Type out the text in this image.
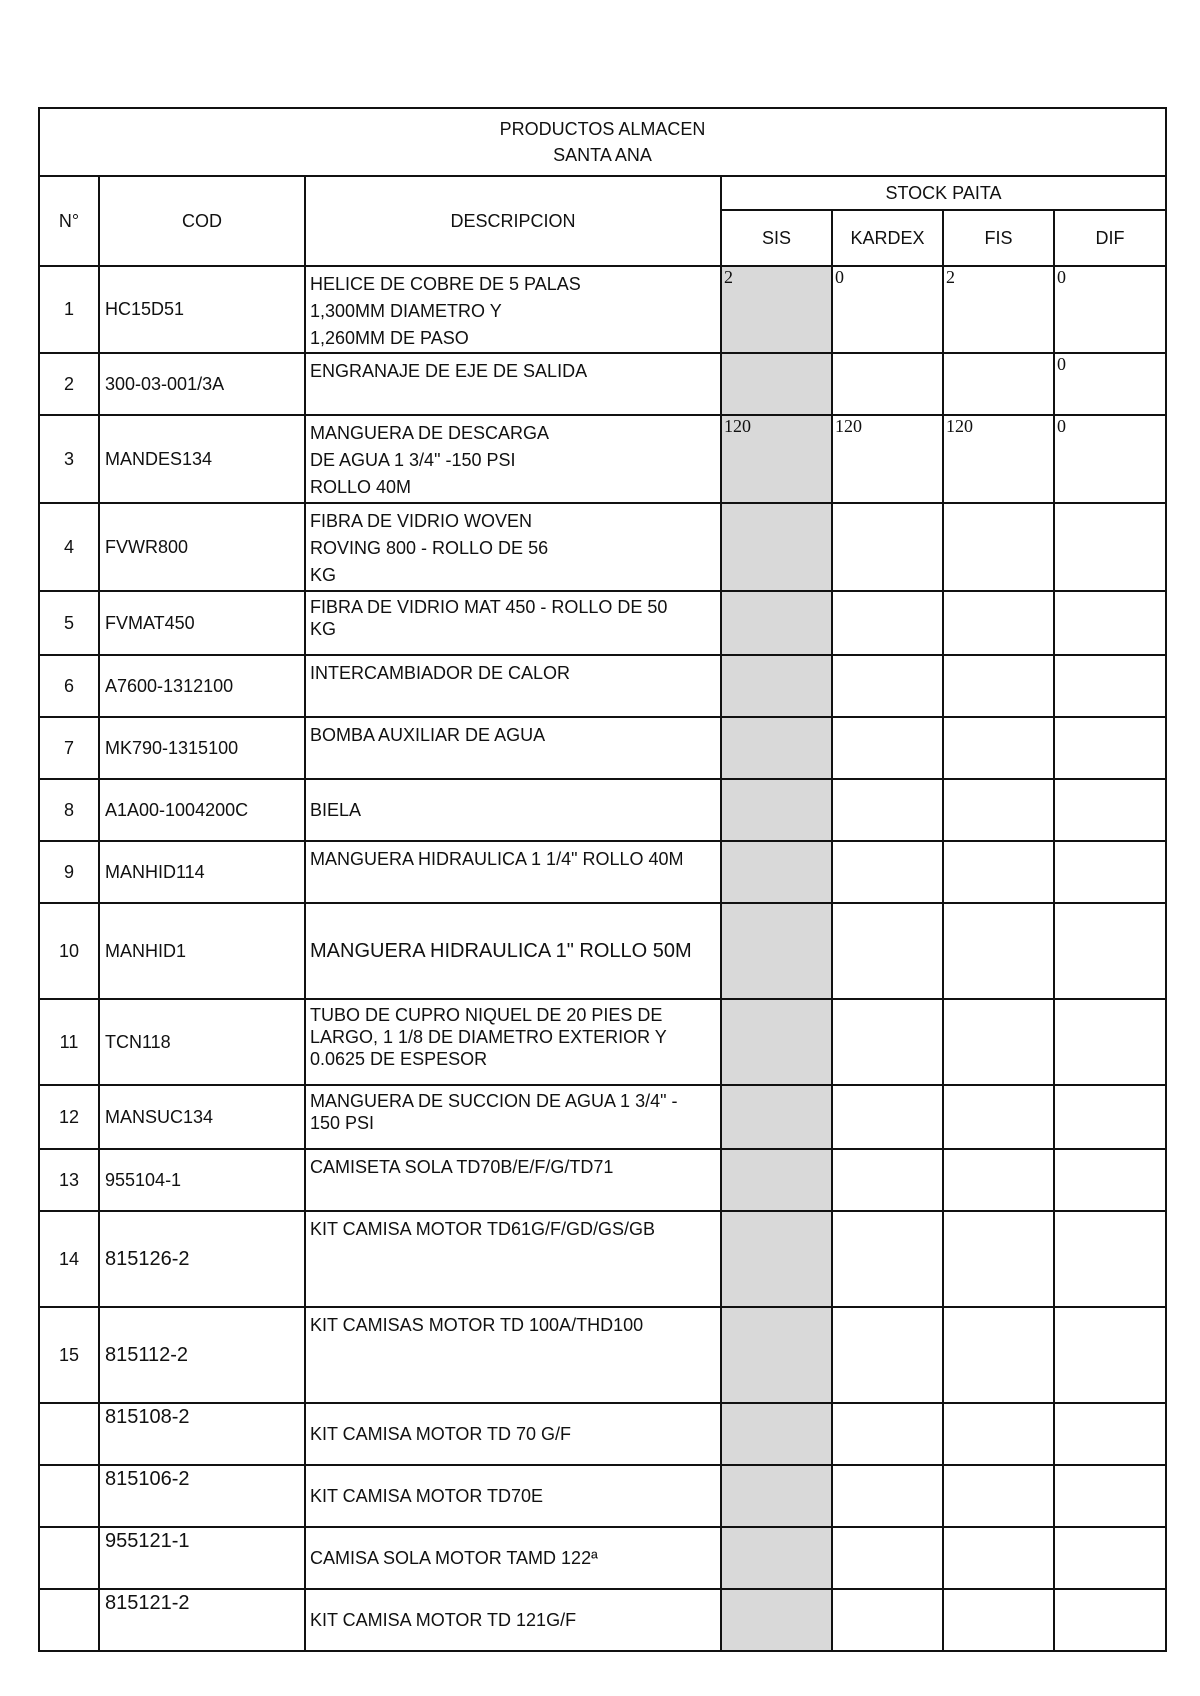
PRODUCTOS ALMACEN
SANTA ANA						

N°	COD	DESCRIPCION	STOCK PAITA			
			SIS	KARDEX	FIS	DIF
1	HC15D51	HELICE DE COBRE DE 5 PALAS
1,300MM DIAMETRO Y
1,260MM DE PASO	2	0	2	0
2	300-03-001/3A	ENGRANAJE DE EJE DE SALIDA				0
3	MANDES134	MANGUERA DE DESCARGA
DE AGUA 1 3/4" -150 PSI
ROLLO 40M	120	120	120	0
4	FVWR800	FIBRA DE VIDRIO WOVEN
ROVING 800 - ROLLO DE 56
KG				

5	FVMAT450	FIBRA DE VIDRIO MAT 450 - ROLLO DE 50
KG				

6	A7600-1312100	INTERCAMBIADOR DE CALOR				

7	MK790-1315100	BOMBA AUXILIAR DE AGUA				

8	A1A00-1004200C	BIELA				

9	MANHID114	MANGUERA HIDRAULICA 1 1/4" ROLLO 40M				

10	MANHID1	MANGUERA HIDRAULICA 1" ROLLO 50M				

11	TCN118	TUBO DE CUPRO NIQUEL DE 20 PIES DE
LARGO, 1 1/8 DE DIAMETRO EXTERIOR Y
0.0625 DE ESPESOR				

12	MANSUC134	MANGUERA DE SUCCION DE AGUA 1 3/4" -
150 PSI				

13	955104-1	CAMISETA SOLA TD70B/E/F/G/TD71				

14	815126-2	KIT CAMISA MOTOR TD61G/F/GD/GS/GB				

15	815112-2	KIT CAMISAS MOTOR TD 100A/THD100				

	815108-2	KIT CAMISA MOTOR TD 70 G/F				

	815106-2	KIT CAMISA MOTOR TD70E				

	955121-1	CAMISA SOLA MOTOR TAMD 122ª				

	815121-2	KIT CAMISA MOTOR TD 121G/F				
